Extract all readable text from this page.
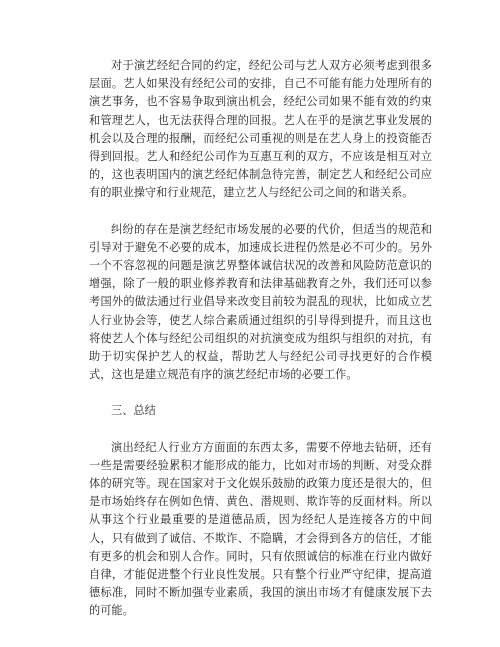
对于演艺经纪合同的约定，经纪公司与艺人双方必须考虑到很多层面。艺人如果没有经纪公司的安排，自己不可能有能力处理所有的演艺事务，也不容易争取到演出机会，经纪公司如果不能有效的约束和管理艺人，也无法获得合理的回报。艺人在乎的是演艺事业发展的机会以及合理的报酬，而经纪公司重视的则是在艺人身上的投资能否得到回报。艺人和经纪公司作为互惠互利的双方，不应该是相互对立的，这也表明国内的演艺经纪体制急待完善，制定艺人和经纪公司应有的职业操守和行业规范，建立艺人与经纪公司之间的和谐关系。

纠纷的存在是演艺经纪市场发展的必要的代价，但适当的规范和引导对于避免不必要的成本，加速成长进程仍然是必不可少的。另外一个不容忽视的问题是演艺界整体诚信状况的改善和风险防范意识的增强，除了一般的职业修养教育和法律基础教育之外，我们还可以参考国外的做法通过行业倡导来改变目前较为混乱的现状，比如成立艺人行业协会等，使艺人综合素质通过组织的引导得到提升，而且这也将使艺人个体与经纪公司组织的对抗演变成为组织与组织的对抗，有助于切实保护艺人的权益，帮助艺人与经纪公司寻找更好的合作模式，这也是建立规范有序的演艺经纪市场的必要工作。

三、总结

演出经纪人行业方方面面的东西太多，需要不停地去钻研，还有一些是需要经验累积才能形成的能力，比如对市场的判断、对受众群体的研究等。现在国家对于文化娱乐鼓励的政策力度还是很大的，但是市场始终存在例如色情、黄色、潜规则、欺诈等的反面材料。所以从事这个行业最重要的是道德品质，因为经纪人是连接各方的中间人，只有做到了诚信、不欺诈、不隐瞒，才会得到各方的信任，才能有更多的机会和别人合作。同时，只有依照诚信的标准在行业内做好自律，才能促进整个行业良性发展。只有整个行业严守纪律，提高道德标准，同时不断加强专业素质，我国的演出市场才有健康发展下去的可能。
